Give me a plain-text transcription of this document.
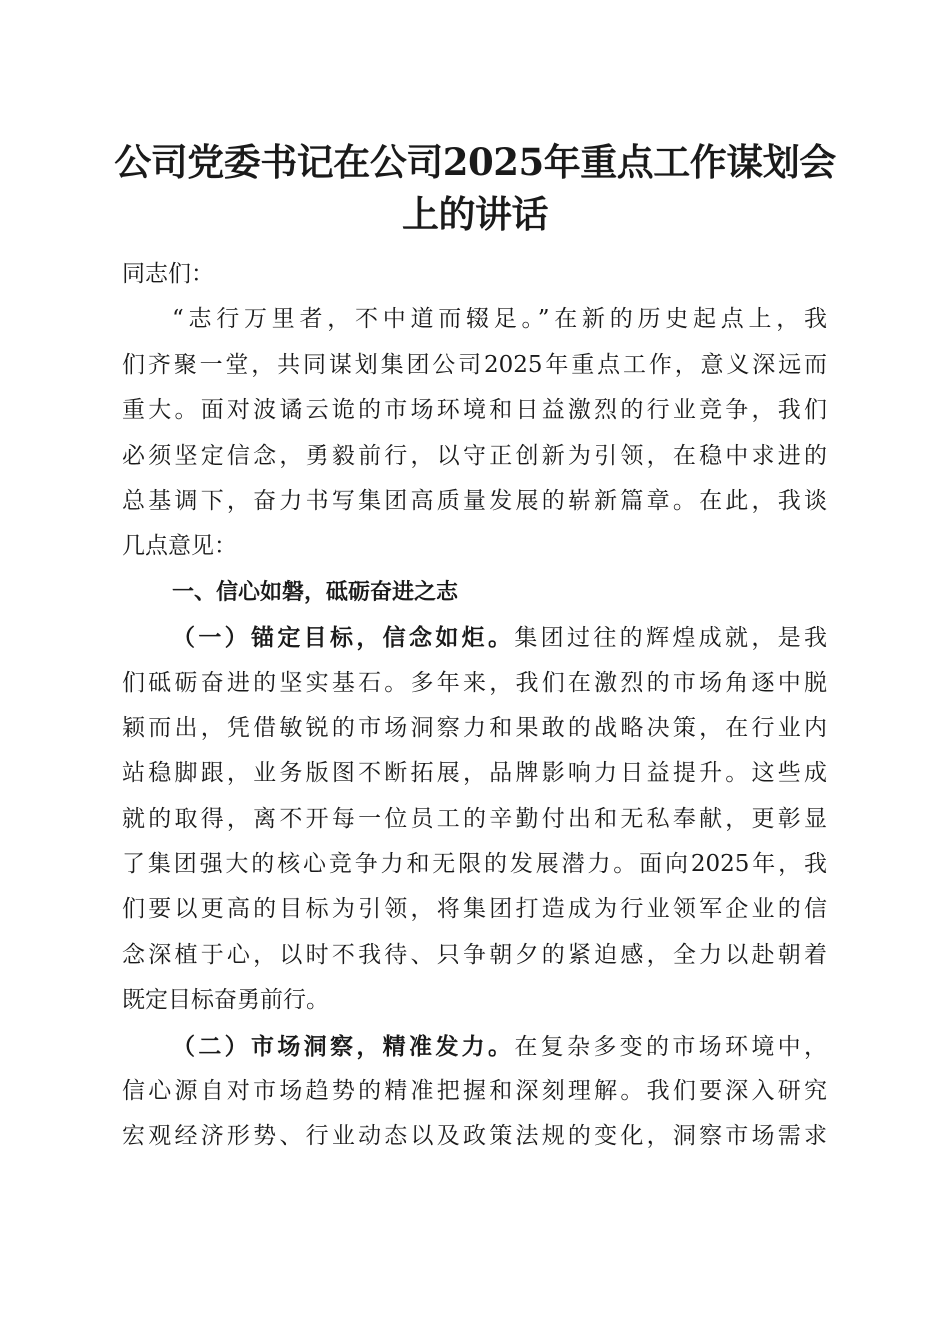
公司党委书记在公司2025年重点工作谋划会
上的讲话
同志们：
“志行万里者，不中道而辍足。”在新的历史起点上，我
们齐聚一堂，共同谋划集团公司2025年重点工作，意义深远而
重大。面对波谲云诡的市场环境和日益激烈的行业竞争，我们
必须坚定信念，勇毅前行，以守正创新为引领，在稳中求进的
总基调下，奋力书写集团高质量发展的崭新篇章。在此，我谈
几点意见：
一、信心如磐，砥砺奋进之志
（一）锚定目标，信念如炬。集团过往的辉煌成就，是我
们砥砺奋进的坚实基石。多年来，我们在激烈的市场角逐中脱
颖而出，凭借敏锐的市场洞察力和果敢的战略决策，在行业内
站稳脚跟，业务版图不断拓展，品牌影响力日益提升。这些成
就的取得，离不开每一位员工的辛勤付出和无私奉献，更彰显
了集团强大的核心竞争力和无限的发展潜力。面向2025年，我
们要以更高的目标为引领，将集团打造成为行业领军企业的信
念深植于心，以时不我待、只争朝夕的紧迫感，全力以赴朝着
既定目标奋勇前行。
（二）市场洞察，精准发力。在复杂多变的市场环境中，
信心源自对市场趋势的精准把握和深刻理解。我们要深入研究
宏观经济形势、行业动态以及政策法规的变化，洞察市场需求
